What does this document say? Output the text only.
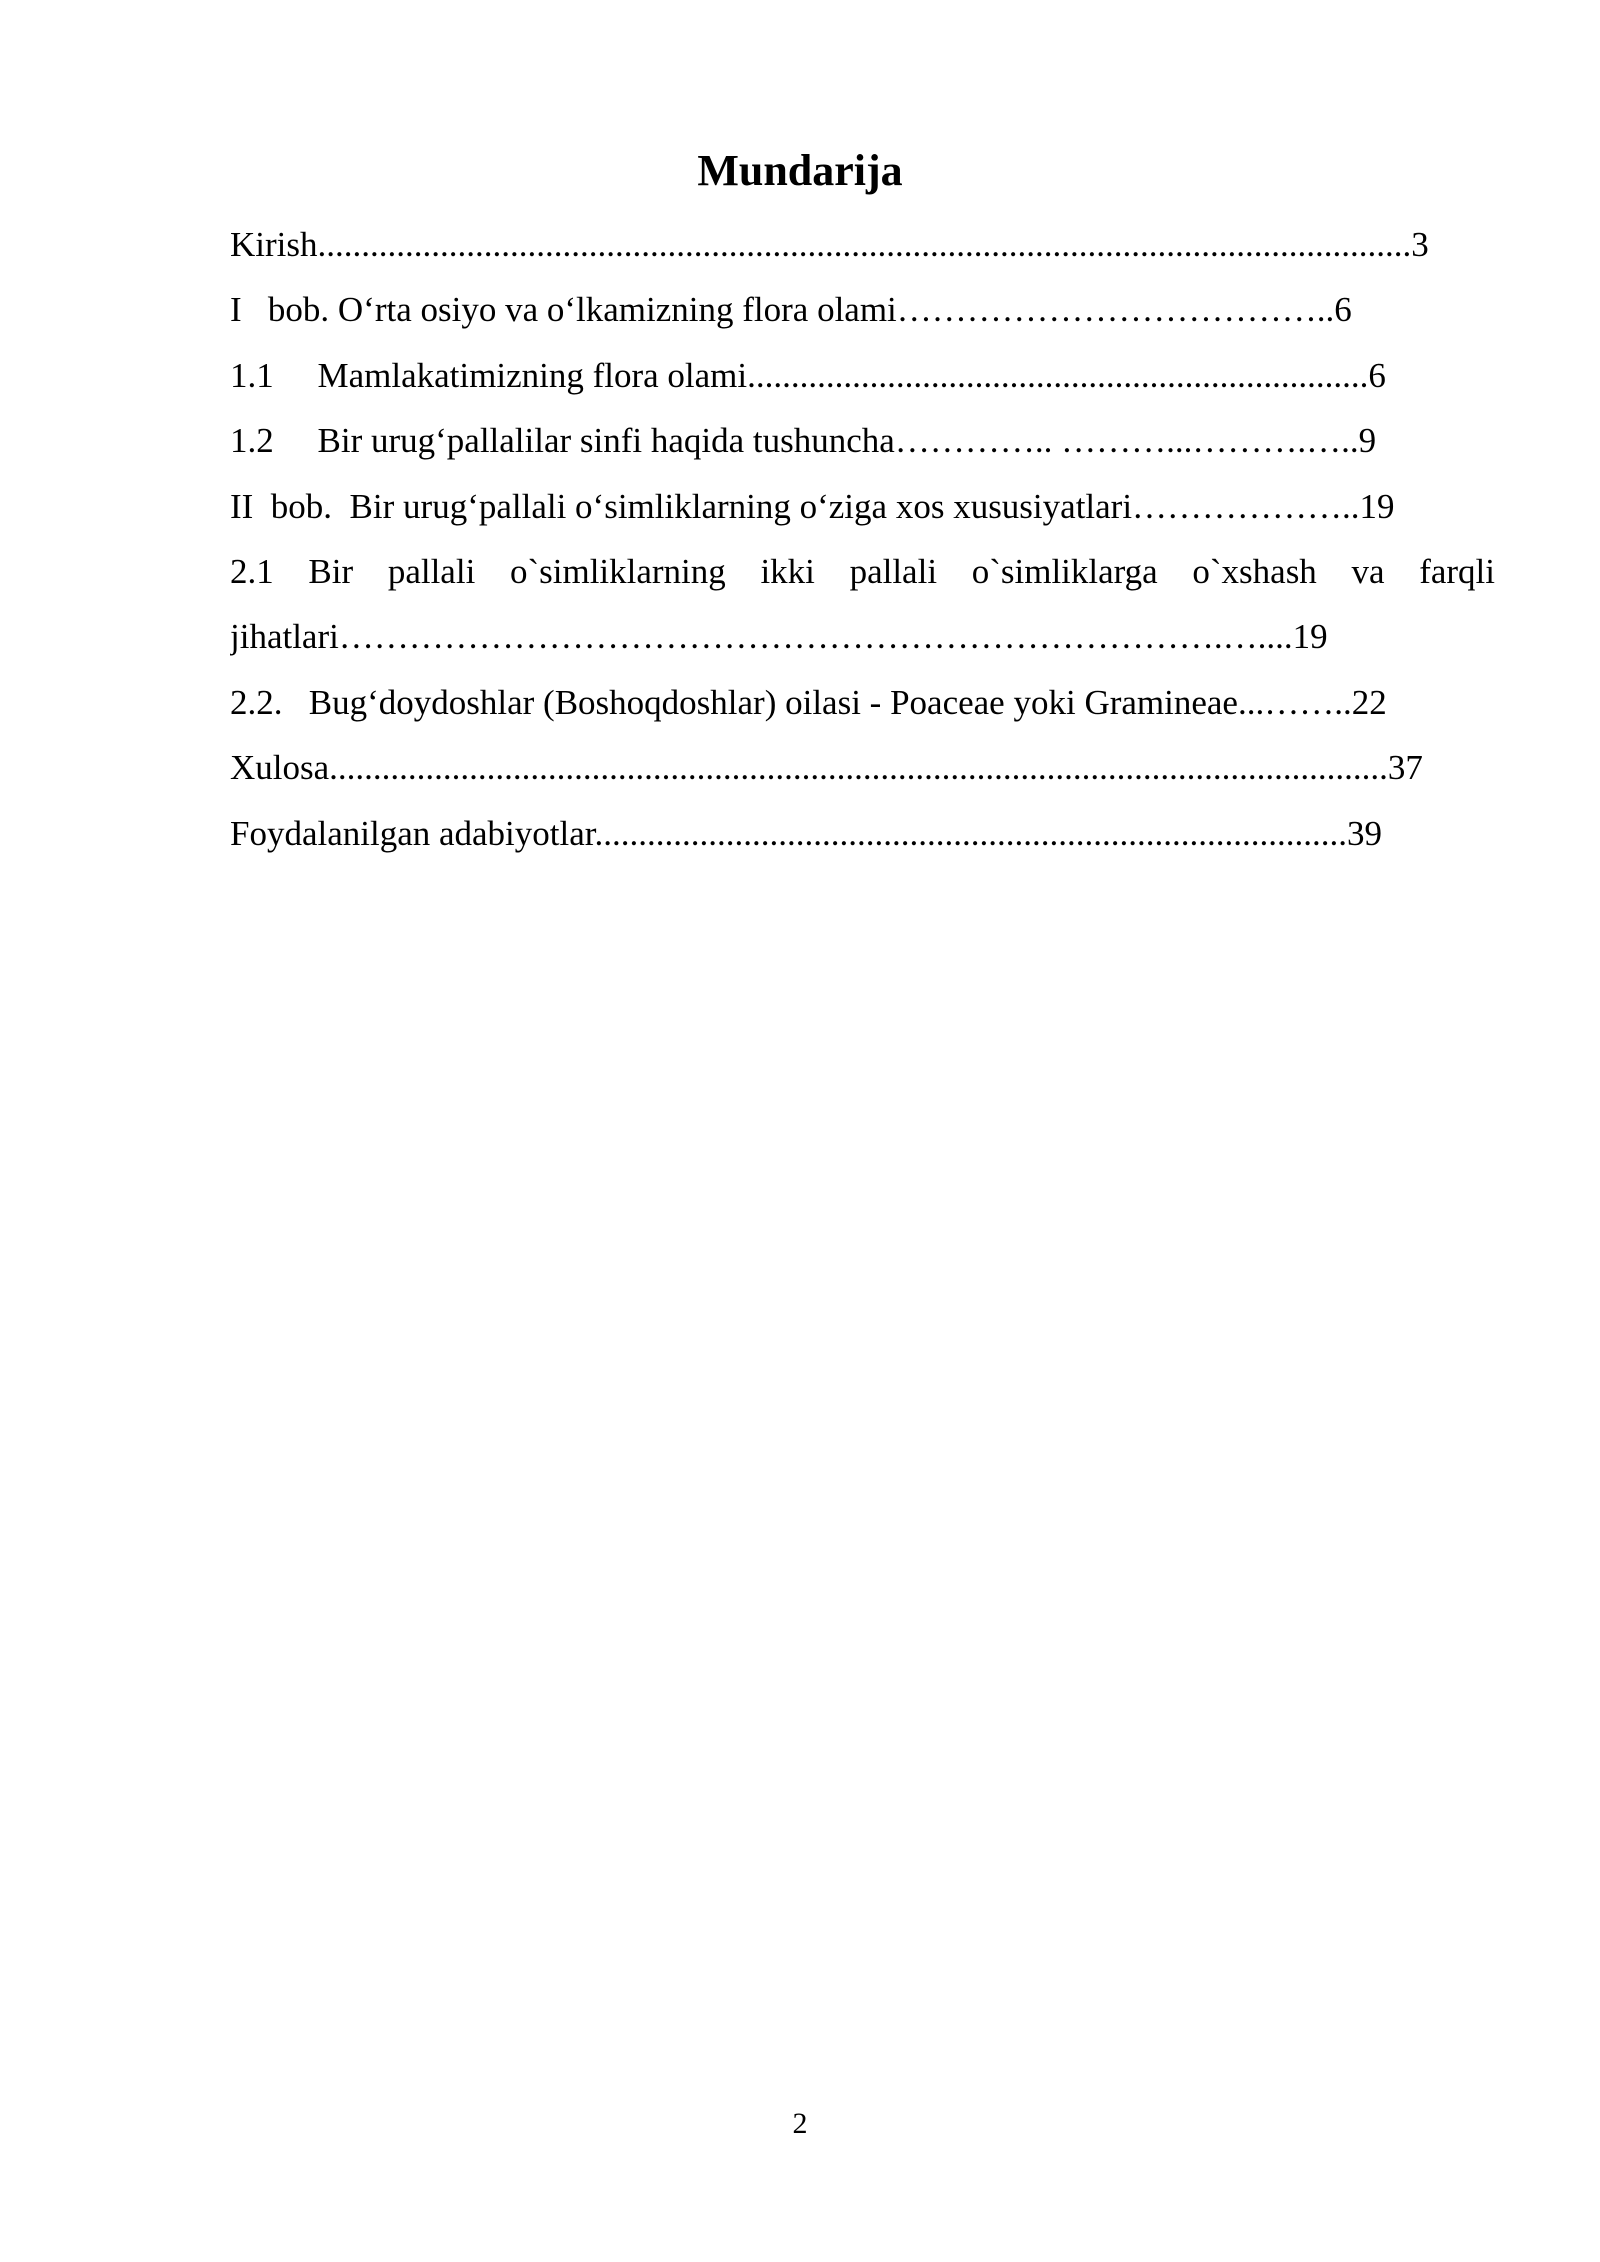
Mundarija
Kirish.............................................................................................................................3
I   bob. O‘rta osiyo va o‘lkamizning flora olami………………………………..6
1.1     Mamlakatimizning flora olami.......................................................................6
1.2     Bir urug‘pallalilar sinfi haqida tushuncha………….. ………...……….…..9
II  bob.  Bir urug‘pallali o‘simliklarning o‘ziga xos xususiyatlari………………..19
2.1 Bir pallali o`simliklarning ikki pallali o`simliklarga o`xshash va farqli
jihatlari………………………………………………………………….…....19
2.2.   Bug‘doydoshlar (Boshoqdoshlar) oilasi - Poaceae yoki Gramineae...……..22
Xulosa.........................................................................................................................37
Foydalanilgan adabiyotlar......................................................................................39
2
